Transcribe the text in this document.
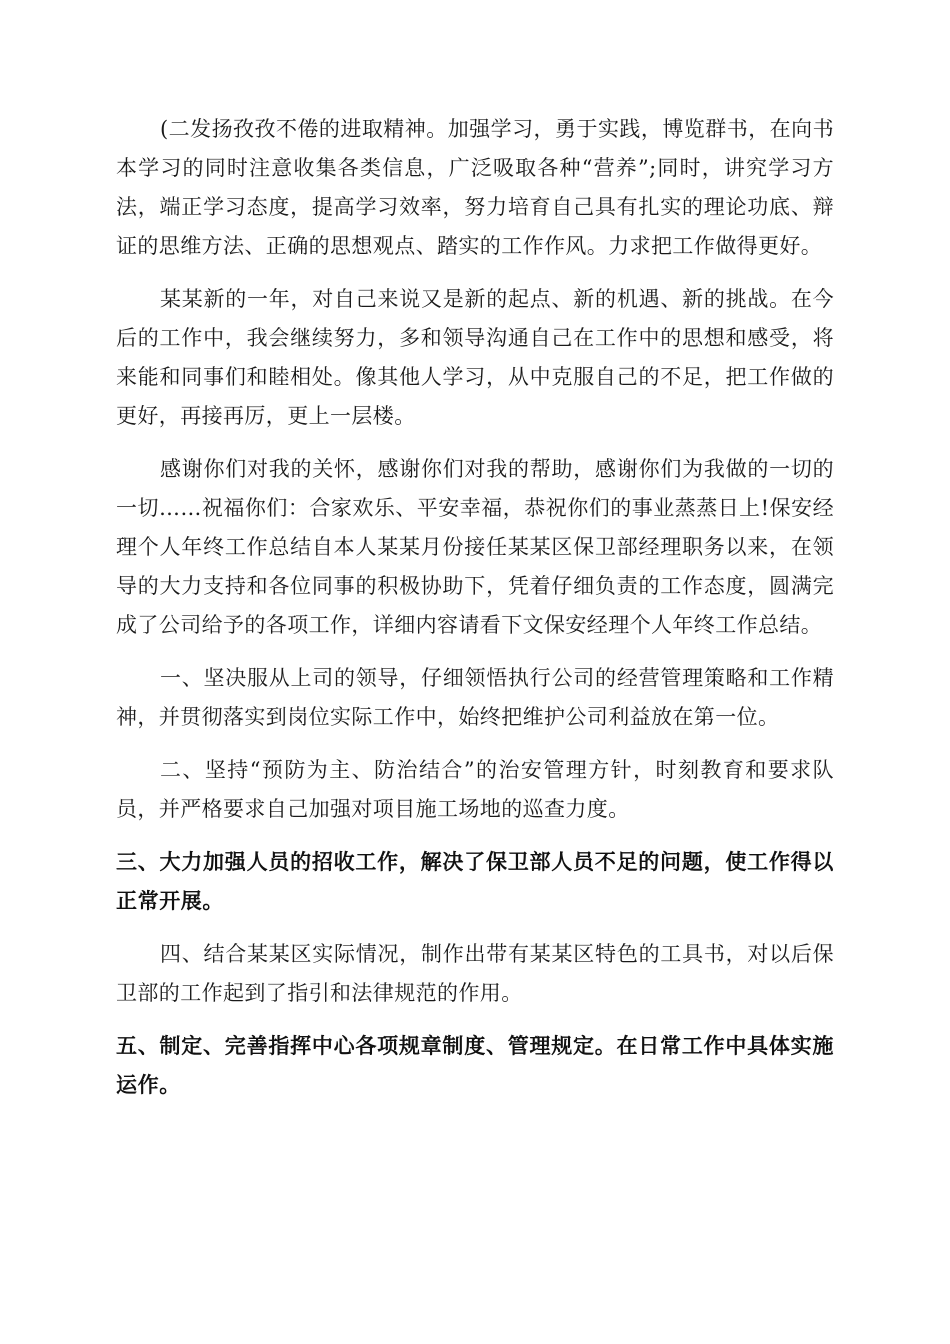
(二发扬孜孜不倦的进取精神。加强学习，勇于实践，博览群书，在向书本学习的同时注意收集各类信息，广泛吸取各种“营养”;同时，讲究学习方法，端正学习态度，提高学习效率，努力培育自己具有扎实的理论功底、辩证的思维方法、正确的思想观点、踏实的工作作风。力求把工作做得更好。

某某新的一年，对自己来说又是新的起点、新的机遇、新的挑战。在今后的工作中，我会继续努力，多和领导沟通自己在工作中的思想和感受，将来能和同事们和睦相处。像其他人学习，从中克服自己的不足，把工作做的更好，再接再厉，更上一层楼。

感谢你们对我的关怀，感谢你们对我的帮助，感谢你们为我做的一切的一切……祝福你们：合家欢乐、平安幸福，恭祝你们的事业蒸蒸日上!保安经理个人年终工作总结自本人某某月份接任某某区保卫部经理职务以来，在领导的大力支持和各位同事的积极协助下，凭着仔细负责的工作态度，圆满完成了公司给予的各项工作，详细内容请看下文保安经理个人年终工作总结。

一、坚决服从上司的领导，仔细领悟执行公司的经营管理策略和工作精神，并贯彻落实到岗位实际工作中，始终把维护公司利益放在第一位。

二、坚持“预防为主、防治结合”的治安管理方针，时刻教育和要求队员，并严格要求自己加强对项目施工场地的巡查力度。

三、大力加强人员的招收工作，解决了保卫部人员不足的问题，使工作得以正常开展。

四、结合某某区实际情况，制作出带有某某区特色的工具书，对以后保卫部的工作起到了指引和法律规范的作用。

五、制定、完善指挥中心各项规章制度、管理规定。在日常工作中具体实施运作。
